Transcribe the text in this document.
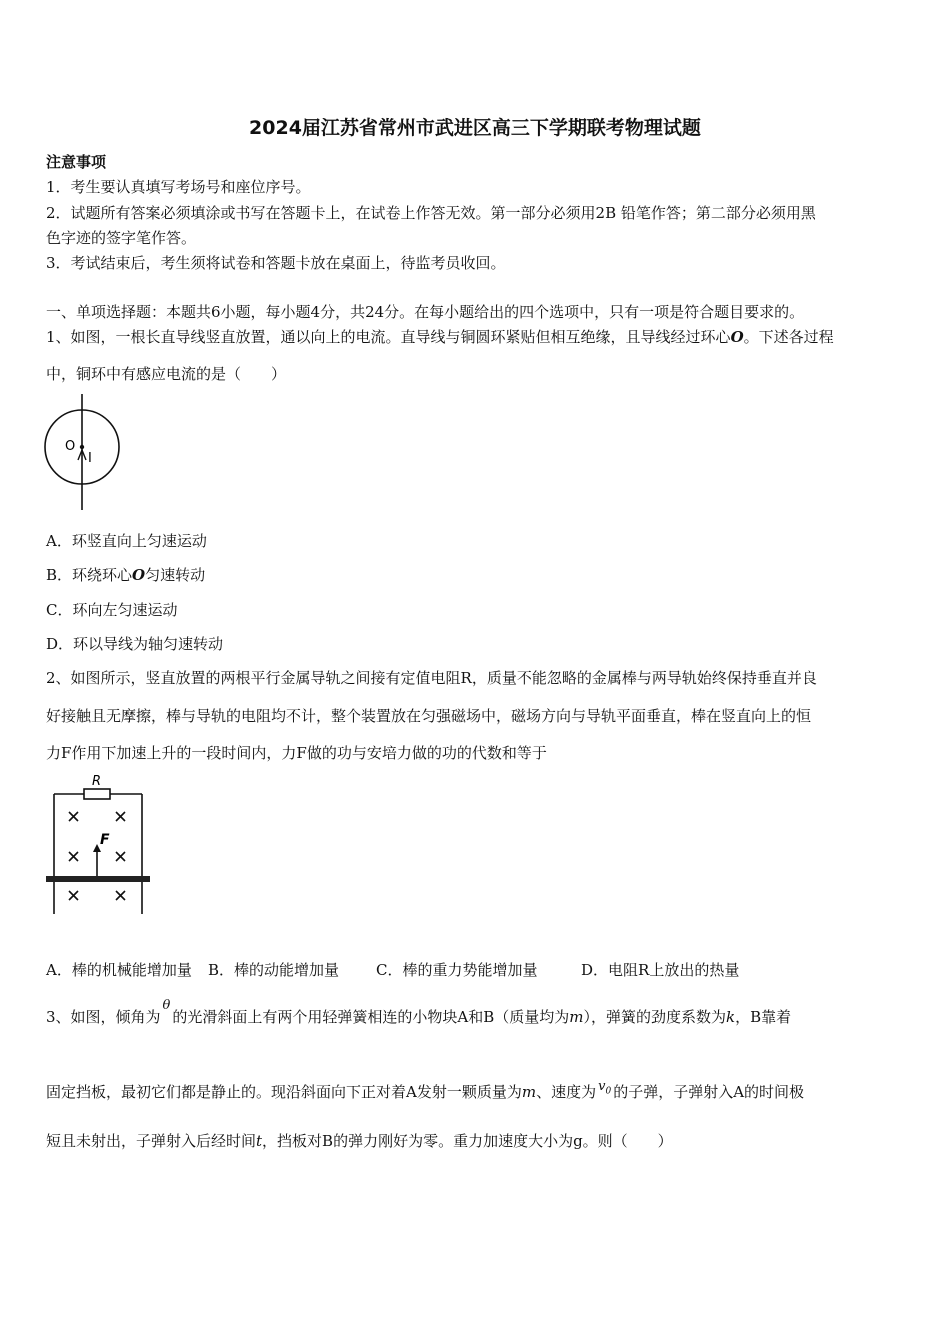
2024届江苏省常州市武进区高三下学期联考物理试题
注意事项
1．考生要认真填写考场号和座位序号。
2．试题所有答案必须填涂或书写在答题卡上，在试卷上作答无效。第一部分必须用2B 铅笔作答；第二部分必须用黑
色字迹的签字笔作答。
3．考试结束后，考生须将试卷和答题卡放在桌面上，待监考员收回。
一、单项选择题：本题共6小题，每小题4分，共24分。在每小题给出的四个选项中，只有一项是符合题目要求的。
1、如图，一根长直导线竖直放置，通以向上的电流。直导线与铜圆环紧贴但相互绝缘，且导线经过环心O。下述各过程
中，铜环中有感应电流的是（　　）
O
I
A．环竖直向上匀速运动
B．环绕环心O匀速转动
C．环向左匀速运动
D．环以导线为轴匀速转动
2、如图所示，竖直放置的两根平行金属导轨之间接有定值电阻R，质量不能忽略的金属棒与两导轨始终保持垂直并良
好接触且无摩擦，棒与导轨的电阻均不计，整个装置放在匀强磁场中，磁场方向与导轨平面垂直，棒在竖直向上的恒
力F作用下加速上升的一段时间内，力F做的功与安培力做的功的代数和等于
R
F
A．棒的机械能增加量 B．棒的动能增加量 C．棒的重力势能增加量	D．电阻R上放出的热量
3、如图，倾角为θ的光滑斜面上有两个用轻弹簧相连的小物块A和B（质量均为m），弹簧的劲度系数为k，B靠着
固定挡板，最初它们都是静止的。现沿斜面向下正对着A发射一颗质量为m、速度为 $v_0$ 的子弹，子弹射入A的时间极
短且未射出，子弹射入后经时间t，挡板对B的弹力刚好为零。重力加速度大小为g。则（　　）
